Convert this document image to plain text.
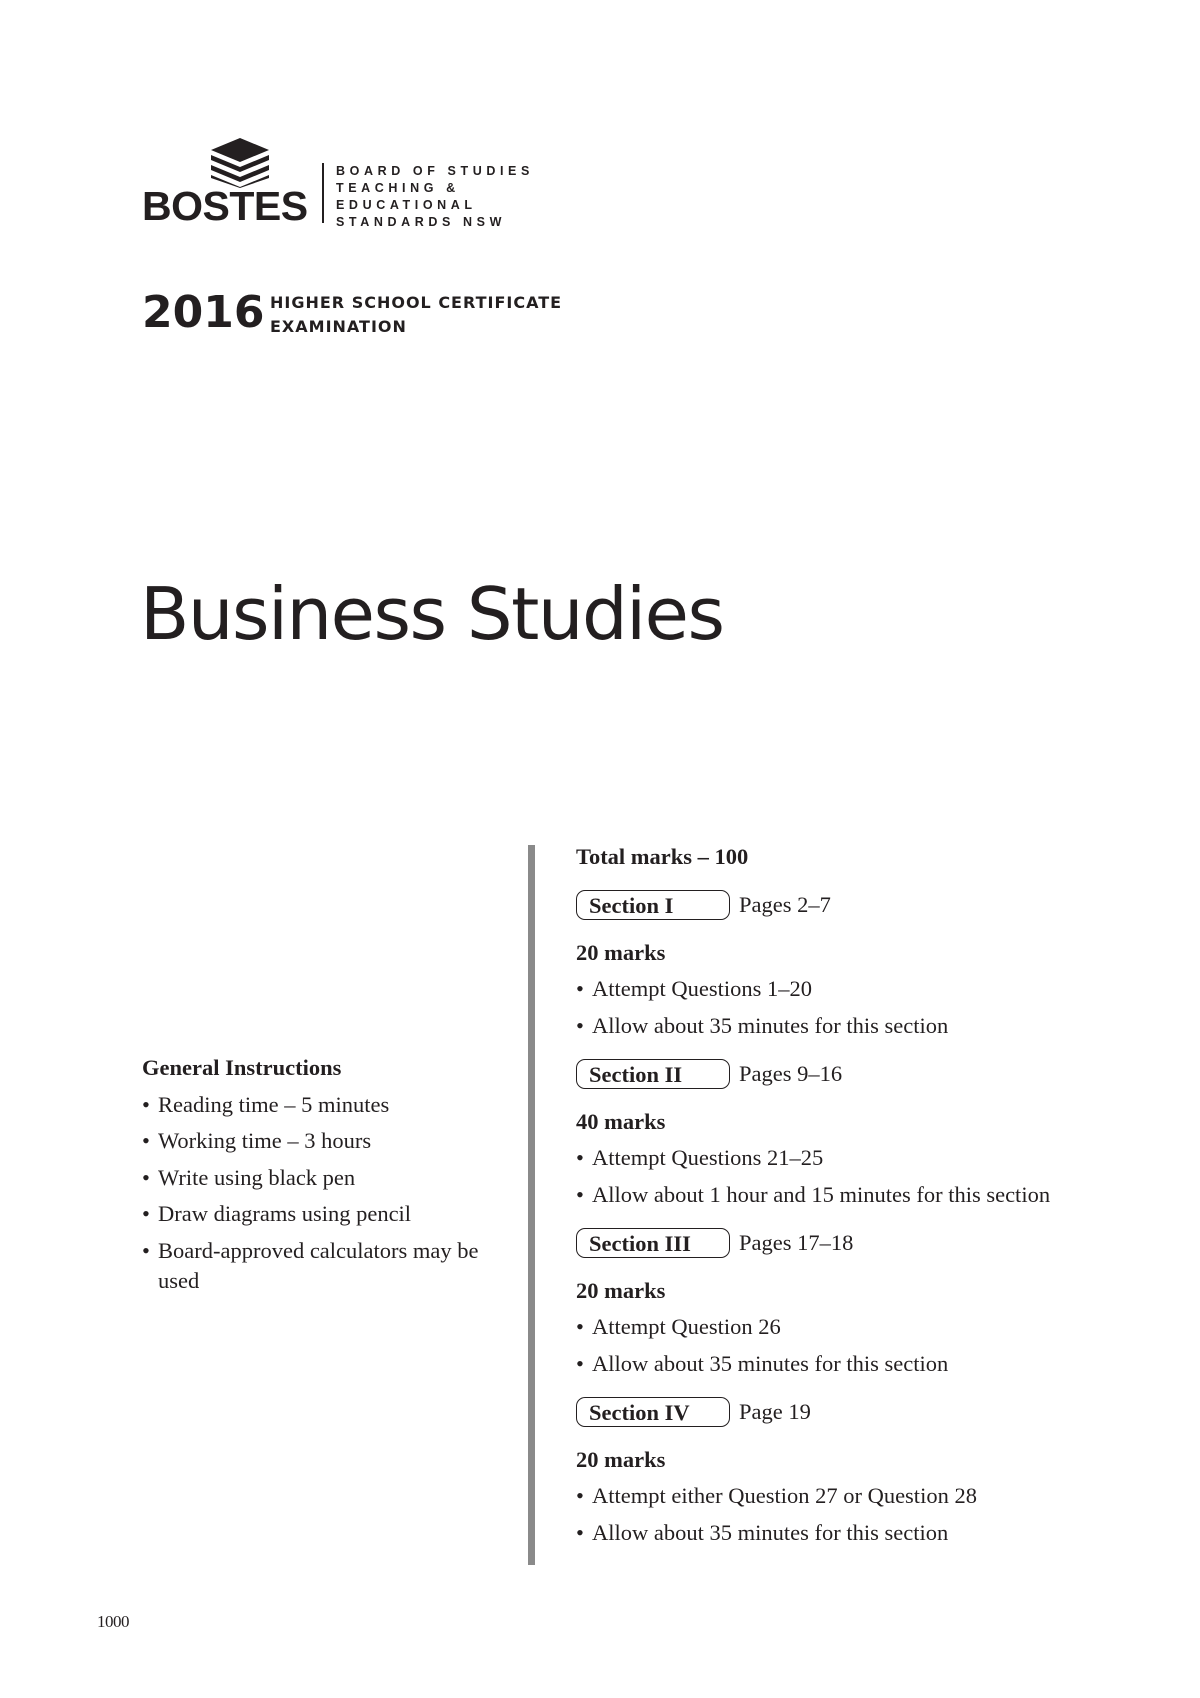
BOSTES
BOARD OF STUDIES
TEACHING &
EDUCATIONAL
STANDARDS NSW
2016 HIGHER SCHOOL CERTIFICATE
EXAMINATION
Business Studies
General Instructions
• Reading time – 5 minutes
• Working time – 3 hours
• Write using black pen
• Draw diagrams using pencil
• Board-approved calculators may be used
Total marks – 100
Section I	Pages 2–7
20 marks
• Attempt Questions 1–20
• Allow about 35 minutes for this section
Section II	Pages 9–16
40 marks
• Attempt Questions 21–25
• Allow about 1 hour and 15 minutes for this section
Section III	Pages 17–18
20 marks
• Attempt Question 26
• Allow about 35 minutes for this section
Section IV	Page 19
20 marks
• Attempt either Question 27 or Question 28
• Allow about 35 minutes for this section
1000
